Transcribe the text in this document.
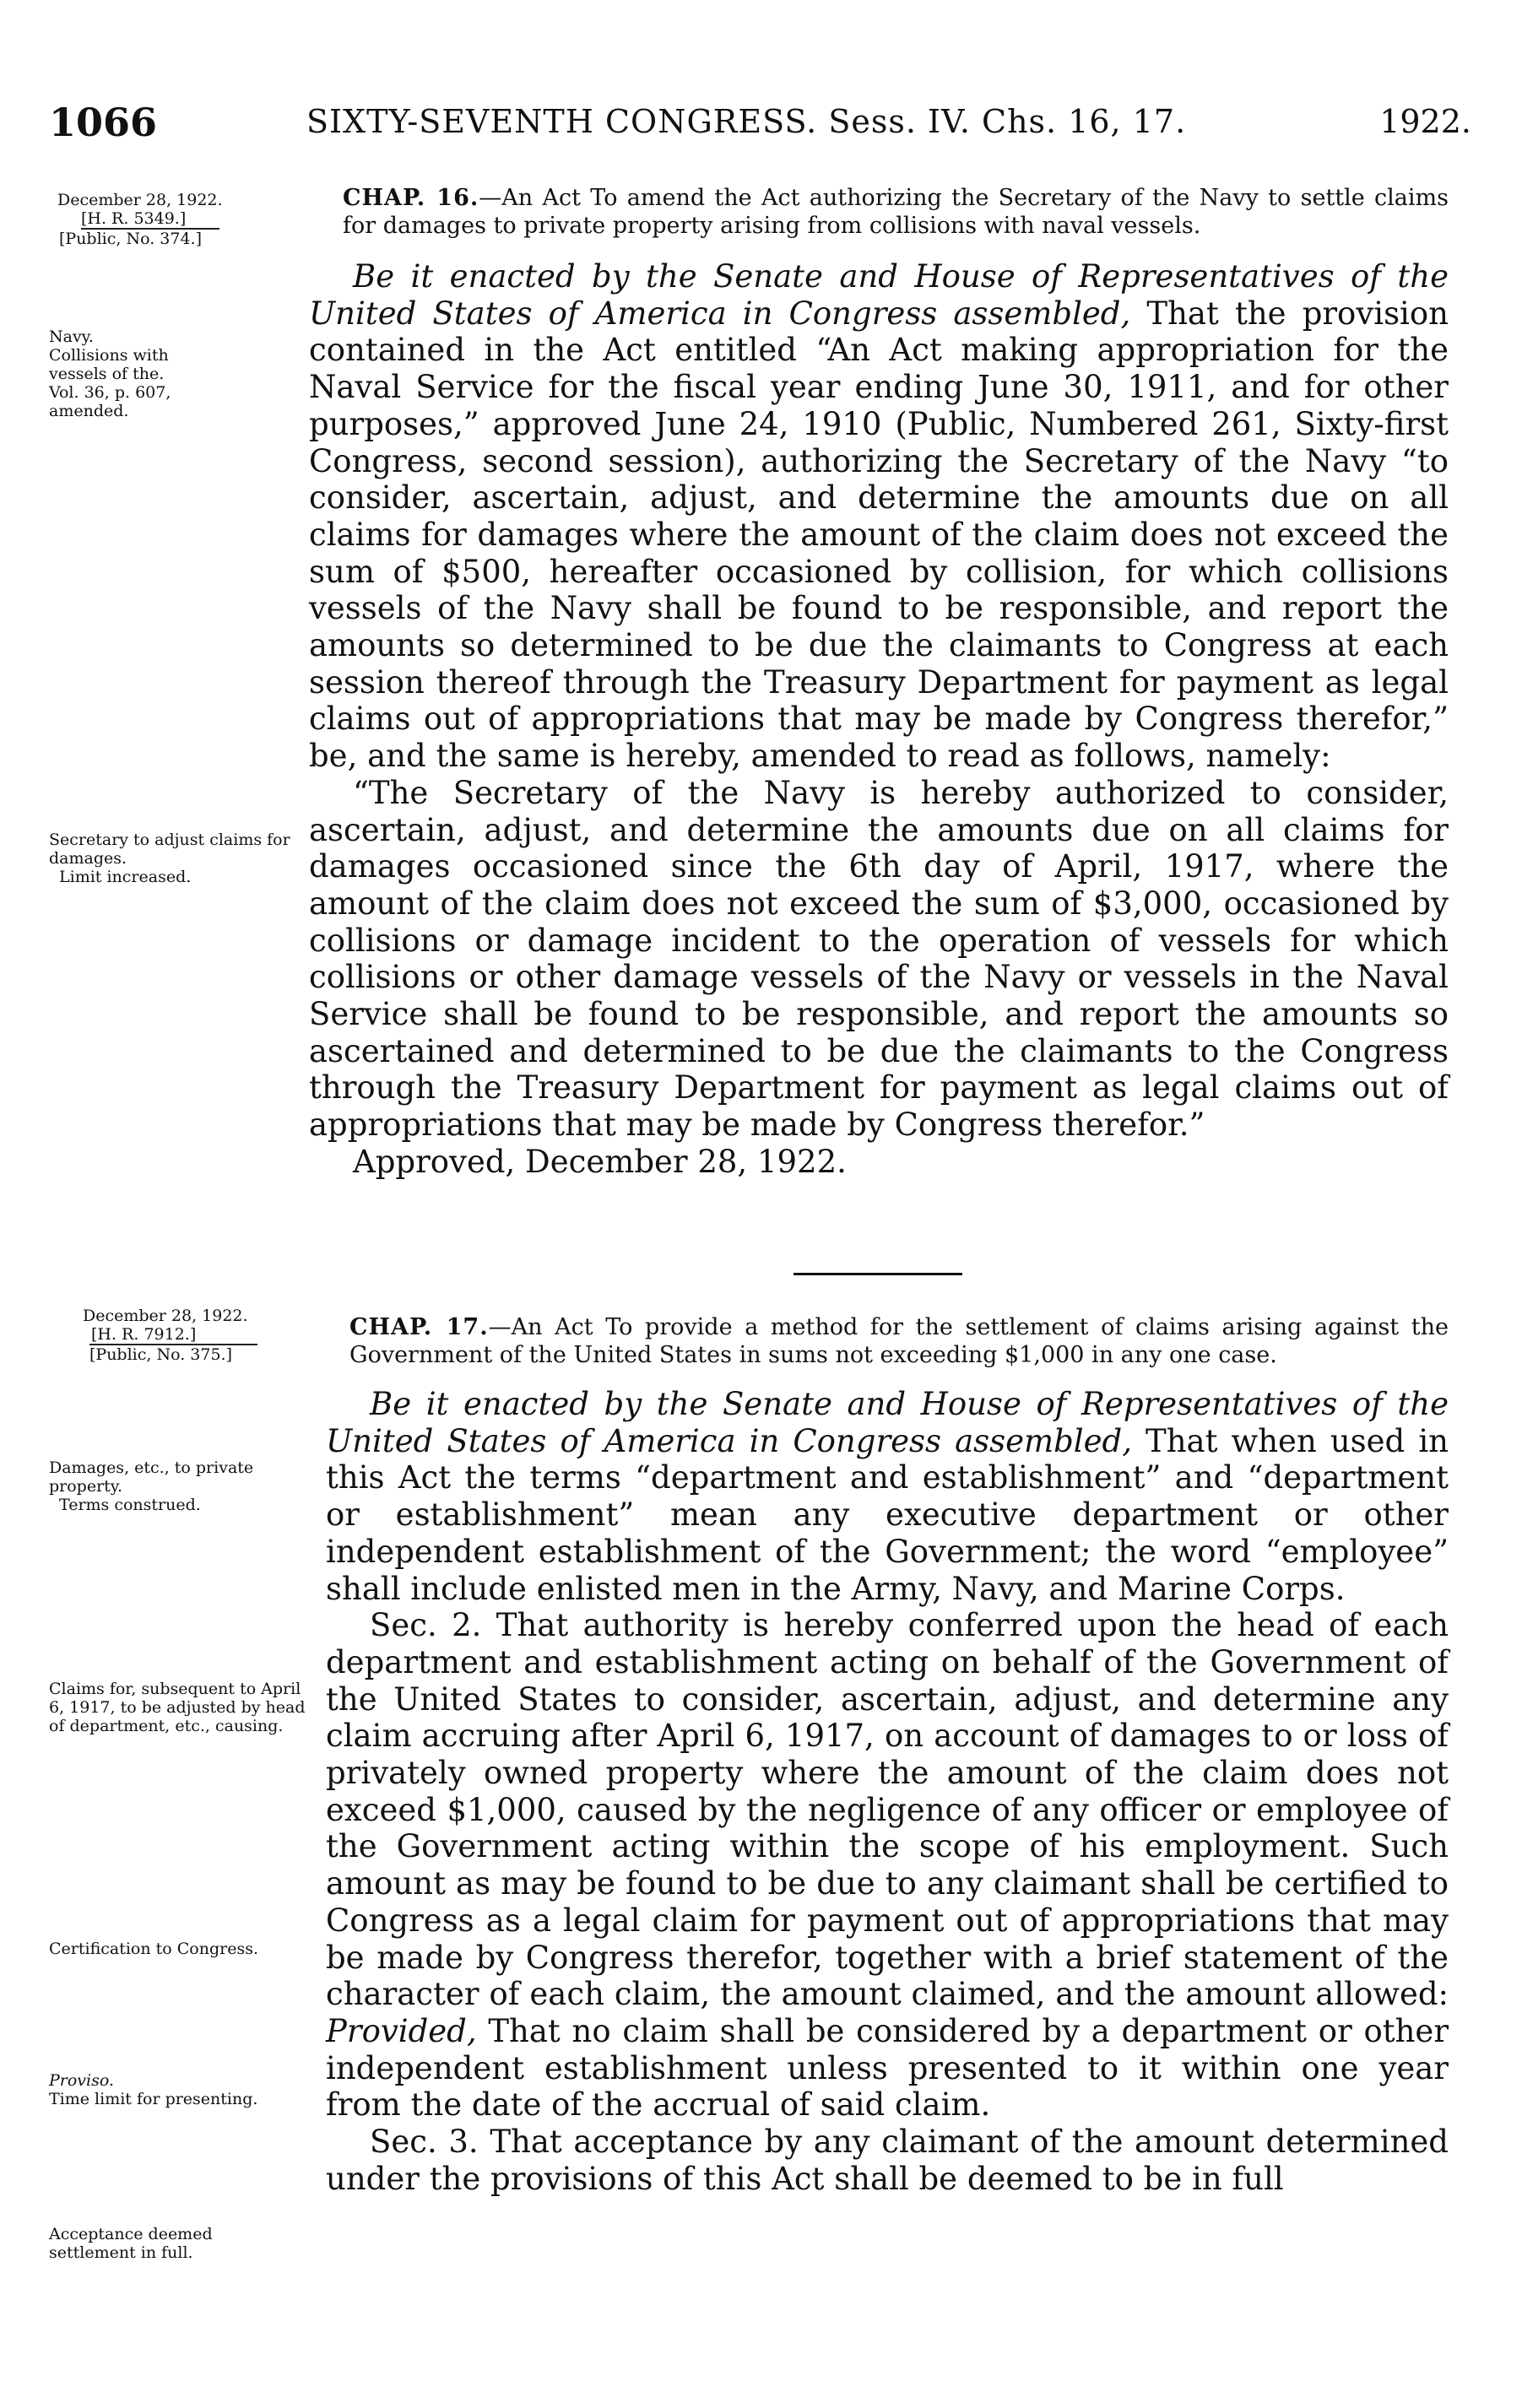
1066	SIXTY-SEVENTH CONGRESS. Sess. IV. Chs. 16, 17.	1922.
December 28, 1922.
[H. R. 5349.]
[Public, No. 374.]
Navy.
Collisions with vessels of the.
Vol. 36, p. 607, amended.
Secretary to adjust claims for damages.
Limit increased.
CHAP. 16.—An Act To amend the Act authorizing the Secretary of the Navy to settle claims for damages to private property arising from collisions with naval vessels.

Be it enacted by the Senate and House of Representatives of the United States of America in Congress assembled, That the provision contained in the Act entitled “An Act making appropriation for the Naval Service for the fiscal year ending June 30, 1911, and for other purposes,” approved June 24, 1910 (Public, Numbered 261, Sixty-first Congress, second session), authorizing the Secretary of the Navy “to consider, ascertain, adjust, and determine the amounts due on all claims for damages where the amount of the claim does not exceed the sum of $500, hereafter occasioned by collision, for which collisions vessels of the Navy shall be found to be responsible, and report the amounts so determined to be due the claimants to Congress at each session thereof through the Treasury Department for payment as legal claims out of appropriations that may be made by Congress therefor,” be, and the same is hereby, amended to read as follows, namely:

“The Secretary of the Navy is hereby authorized to consider, ascertain, adjust, and determine the amounts due on all claims for damages occasioned since the 6th day of April, 1917, where the amount of the claim does not exceed the sum of $3,000, occasioned by collisions or damage incident to the operation of vessels for which collisions or other damage vessels of the Navy or vessels in the Naval Service shall be found to be responsible, and report the amounts so ascertained and determined to be due the claimants to the Congress through the Treasury Department for payment as legal claims out of appropriations that may be made by Congress therefor.”

Approved, December 28, 1922.
December 28, 1922.
[H. R. 7912.]
[Public, No. 375.]
Damages, etc., to private property.
Terms construed.
Claims for, subsequent to April 6, 1917, to be adjusted by head of department, etc., causing.
Certification to Congress.
Proviso.
Time limit for presenting.
Acceptance deemed settlement in full.
CHAP. 17.—An Act To provide a method for the settlement of claims arising against the Government of the United States in sums not exceeding $1,000 in any one case.

Be it enacted by the Senate and House of Representatives of the United States of America in Congress assembled, That when used in this Act the terms “department and establishment” and “department or establishment” mean any executive department or other independent establishment of the Government; the word “employee” shall include enlisted men in the Army, Navy, and Marine Corps.

Sec. 2. That authority is hereby conferred upon the head of each department and establishment acting on behalf of the Government of the United States to consider, ascertain, adjust, and determine any claim accruing after April 6, 1917, on account of damages to or loss of privately owned property where the amount of the claim does not exceed $1,000, caused by the negligence of any officer or employee of the Government acting within the scope of his employment. Such amount as may be found to be due to any claimant shall be certified to Congress as a legal claim for payment out of appropriations that may be made by Congress therefor, together with a brief statement of the character of each claim, the amount claimed, and the amount allowed: Provided, That no claim shall be considered by a department or other independent establishment unless presented to it within one year from the date of the accrual of said claim.

Sec. 3. That acceptance by any claimant of the amount determined under the provisions of this Act shall be deemed to be in full
